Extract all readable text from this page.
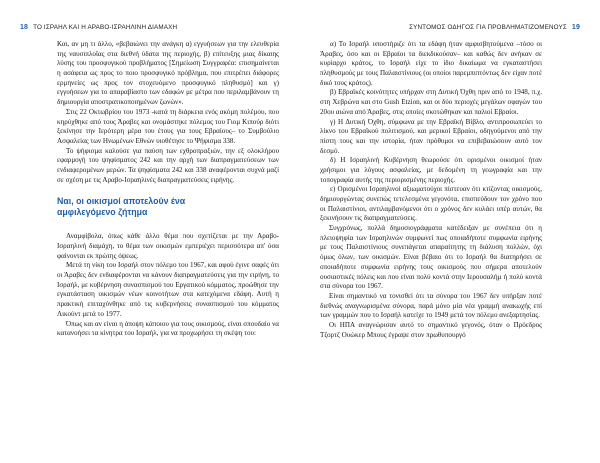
18 ΤΟ ΙΣΡΑΗΛ ΚΑΙ Η ΑΡΑΒΟ-ΙΣΡΑΗΛΙΝΗ ΔΙΑΜΑΧΗ

Και, αν μη τι άλλο, «βεβαιώνει την ανάγκη α) εγγυήσεων για την ελευθερία της ναυσιπλοΐας στα διεθνή ύδατα της περιοχής, β) επίτευξης μιας δίκαιης λύσης του προσφυγικού προβλήματος [Σημείωση Συγγραφέα: επισημαίνεται η ασάφεια ως προς το ποιο προσφυγικό πρόβλημα, που επιτρέπει διάφορες ερμηνείες ως προς τον στοχευόμενο προσφυγικό πληθυσμό] και γ) εγγυήσεων για το απαραβίαστο των εδαφών με μέτρα που περιλαμβάνουν τη δημιουργία αποστρατικοποιημένων ζωνών».

Στις 22 Οκτωβρίου του 1973 -κατά τη διάρκεια ενός ακόμη πολέμου, που κηρύχθηκε από τους Άραβες και ονομάστηκε πόλεμος του Γιομ Κιπούρ διότι ξεκίνησε την Ιερότερη μέρα του έτους για τους Εβραίους– το Συμβούλιο Ασφαλείας των Ηνωμένων Εθνών υιοθέτησε το Ψήφισμα 338.

Το ψήφισμα καλούσε για παύση των εχθροπραξιών, την εξ ολοκλήρου εφαρμογή του ψηφίσματος 242 και την αρχή των διαπραγματεύσεων των ενδιαφερομένων μερών. Τα ψηφίσματα 242 και 338 αναφέρονται συχνά μαζί σε σχέση με τις Αραβο-Ισραηλινές διαπραγματεύσεις ειρήνης.

Ναι, οι οικισμοί αποτελούν ένα
αμφιλεγόμενο ζήτημα

Αναμφίβολα, όπως κάθε άλλο θέμα που σχετίζεται με την Αραβο-Ισραηλινή διαμάχη, το θέμα των οικισμών εμπεριέχει περισσότερα απ' όσα φαίνονται εκ πρώτης όψεως.

Μετά τη νίκη του Ισραήλ στον πόλεμο του 1967, και αφού έγινε σαφές ότι οι Άραβες δεν ενδιαφέρονται να κάνουν διαπραγματεύσεις για την ειρήνη, το Ισραήλ, με κυβέρνηση συνασπισμού του Εργατικού κόμματος, προώθησε την εγκατάσταση οικισμών νέων κοινοτήτων στα κατεχόμενα εδάφη. Αυτή η πρακτική επιταχύνθηκε από τις κυβερνήσεις συνασπισμού του κόμματος Λικούντ μετά το 1977.

Όπως και αν είναι η άποψη κάποιου για τους οικισμούς, είναι σπουδαίο να κατανοήσει τα κίνητρα του Ισραήλ, για να προχωρήσει τη σκέψη του:

ΣΥΝΤΟΜΟΣ ΟΔΗΓΟΣ ΓΙΑ ΠΡΟΒΛΗΜΑΤΙΖΟΜΕΝΟΥΣ 19

α) Το Ισραήλ υποστήριζε ότι τα εδάφη ήταν αμφισβητούμενα –τόσο οι Άραβες, όσο και οι Εβραίοι τα διεκδικούσαν– και καθώς δεν ανήκαν σε κυρίαρχο κράτος, το Ισραήλ είχε το ίδιο δικαίωμα να εγκαταστήσει πληθυσμούς με τους Παλαιστίνιους (οι οποίοι παρεμπιπτόντως δεν είχαν ποτέ δικό τους κράτος).

β) Εβραϊκές κοινότητες υπήρχαν στη Δυτική Όχθη πριν από το 1948, π.χ. στη Χεβρώνα και στο Gush Etzion, και οι δύο περιοχές μεγάλων σφαγών του 20ου αιώνα από Άραβες, στις οποίες σκοτώθηκαν και παλιοί Εβραίοι.

γ) Η Δυτική Όχθη, σύμφωνα με την Εβραϊκή Βίβλο, αντιπροσωπεύει το λίκνο του Εβραϊκού πολιτισμού, και μερικοί Εβραίοι, οδηγούμενοι από την πίστη τους και την ιστορία, ήταν πρόθυμοι να επιβεβαιώσουν αυτό τον δεσμό.

δ) Η Ισραηλινή Κυβέρνηση θεωρούσε ότι ορισμένοι οικισμοί ήταν χρήσιμοι για λόγους ασφαλείας, με δεδομένη τη γεωγραφία και την τοπογραφία αυτής της περιορισμένης περιοχής.

ε) Ορισμένοι Ισραηλινοί αξιωματούχοι πίστευαν ότι κτίζοντας οικισμούς, δημιουργώντας συνεπώς τετελεσμένα γεγονότα, επισπεύδουν τον χρόνο που οι Παλαιστίνιοι, αντιλαμβανόμενοι ότι ο χρόνος δεν κυλάει υπέρ αυτών, θα ξεκινήσουν τις διαπραγματεύσεις.

Συγχρόνως, πολλά δημοσιογράφματα κατέδειξαν με συνέπεια ότι η πλειοψηφία των Ισραηλινών συμφωνεί πως οποιαδήποτε συμφωνία ειρήνης με τους Παλαιστίνιους συνεπάγεται απαραίτητης τη διάλυση πολλών, όχι όμως όλων, των οικισμών. Είναι βέβαιο ότι το Ισραήλ θα διατηρήσει σε οποιαδήποτε συμφωνία ειρήνης τους οικισμούς που σήμερα αποτελούν ουσιαστικές πόλεις και που είναι πολύ κοντά στην Ιερουσαλήμ ή πολύ κοντά στα σύνορα του 1967.

Είναι σημαντικό να τονισθεί ότι τα σύνορα του 1967 δεν υπήρξαν ποτέ διεθνώς αναγνωρισμένα σύνορα, παρά μόνο μία νέα γραμμή ανακωχής επί των γραμμών που το Ισραήλ κατείχε το 1949 μετά τον πόλεμο ανεξαρτησίας.

Οι ΗΠΑ αναγνώρισαν αυτό το σημαντικό γεγονός, όταν ο Πρόεδρος Τζορτζ Ουώκερ Μπους έγραψε στον πρωθυπουργό
